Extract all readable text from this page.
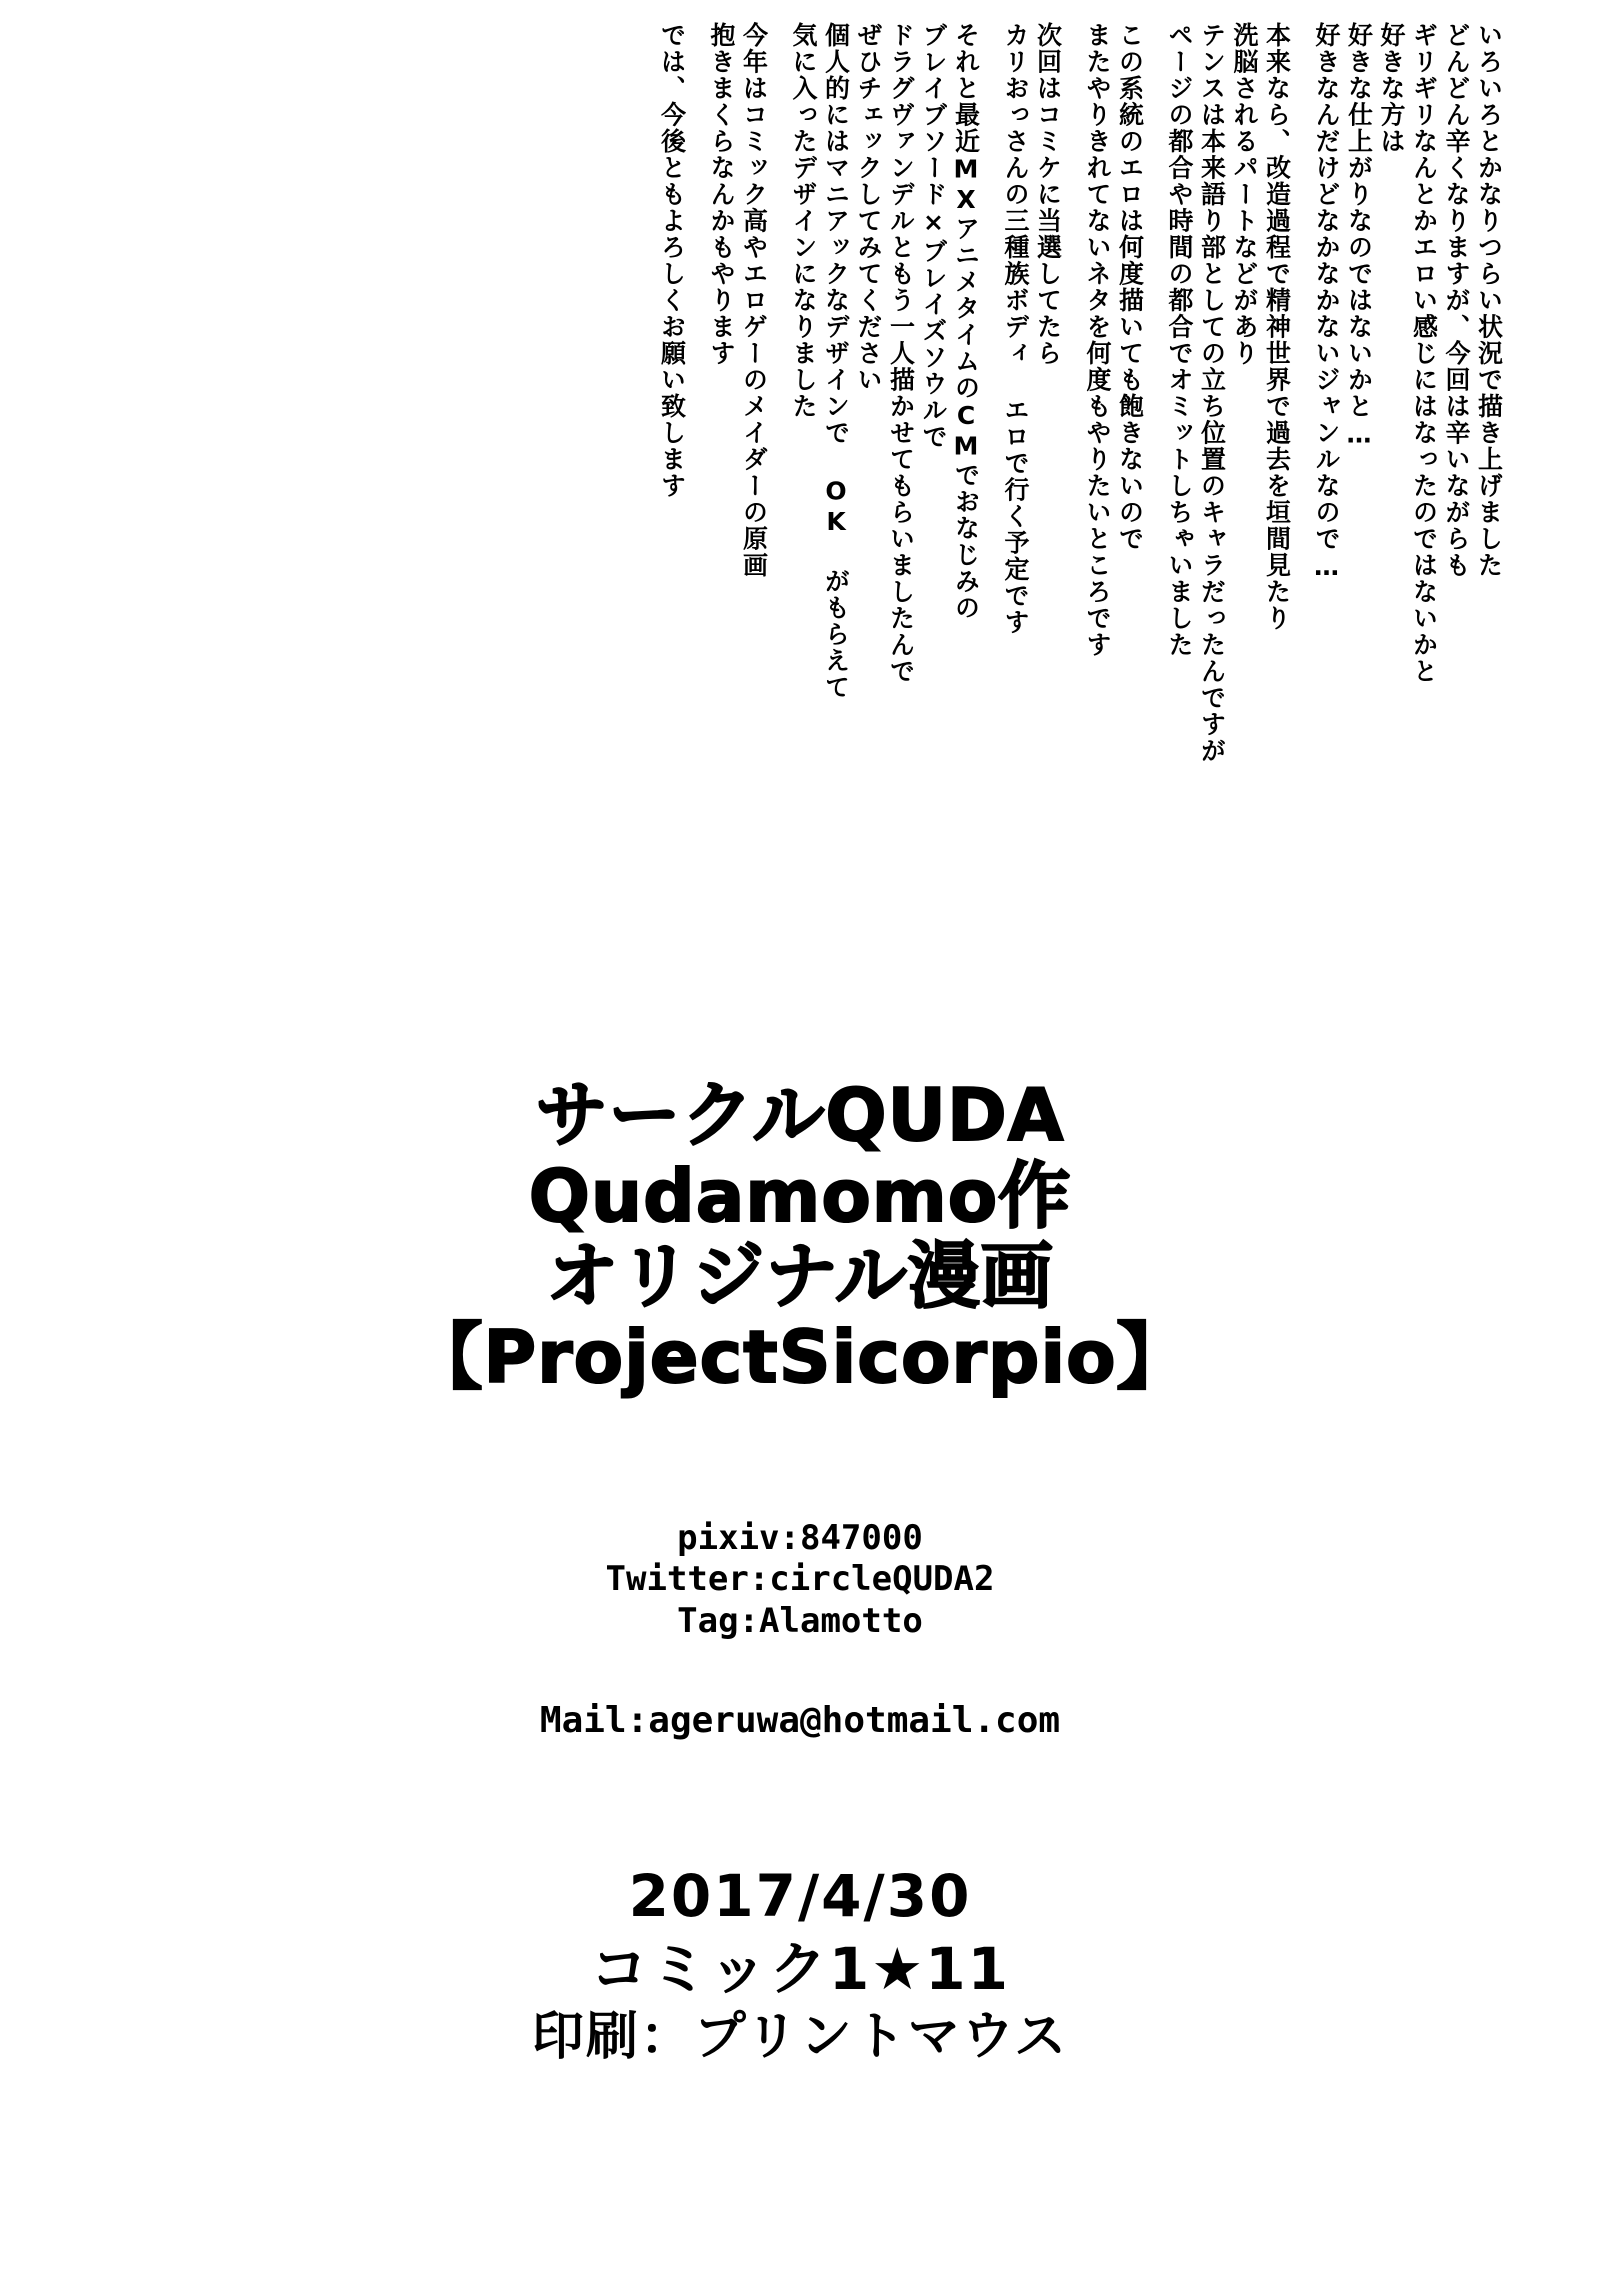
では、今後ともよろしくお願い致します 抱きまくらなんかもやります 今年はコミック高やエロゲーのメイダーの原画 気に入ったデザインになりました 個人的にはマニアックなデザインで OK がもらえて ぜひチェックしてみてください ドラグヴァンデルともう一人描かせてもらいましたんで ブレイブソード×ブレイズソウルで それと最近MXアニメタイムのCMでおなじみの カリおっさんの三種族ボディ エロで行く予定です 次回はコミケに当選してたら またやりきれてないネタを何度もやりたいところです この系統のエロは何度描いても飽きないので ページの都合や時間の都合でオミットしちゃいました テンスは本来語り部としての立ち位置のキャラだったんですが 洗脳されるパートなどがあり 本来なら、改造過程で精神世界で過去を垣間見たり 好きなんだけどなかなかないジャンルなので… 好きな仕上がりなのではないかと… 好きな方は ギリギリなんとかエロい感じにはなったのではないかと どんどん辛くなりますが、今回は辛いながらも いろいろとかなりつらい状況で描き上げました
サークルQUDA
Qudamomo作
オリジナル漫画
【ProjectSicorpio】
pixiv:847000
Twitter:circleQUDA2
Tag:Alamotto
Mail:ageruwa@hotmail.com
2017/4/30
コミック1★11
印刷：プリントマウス
